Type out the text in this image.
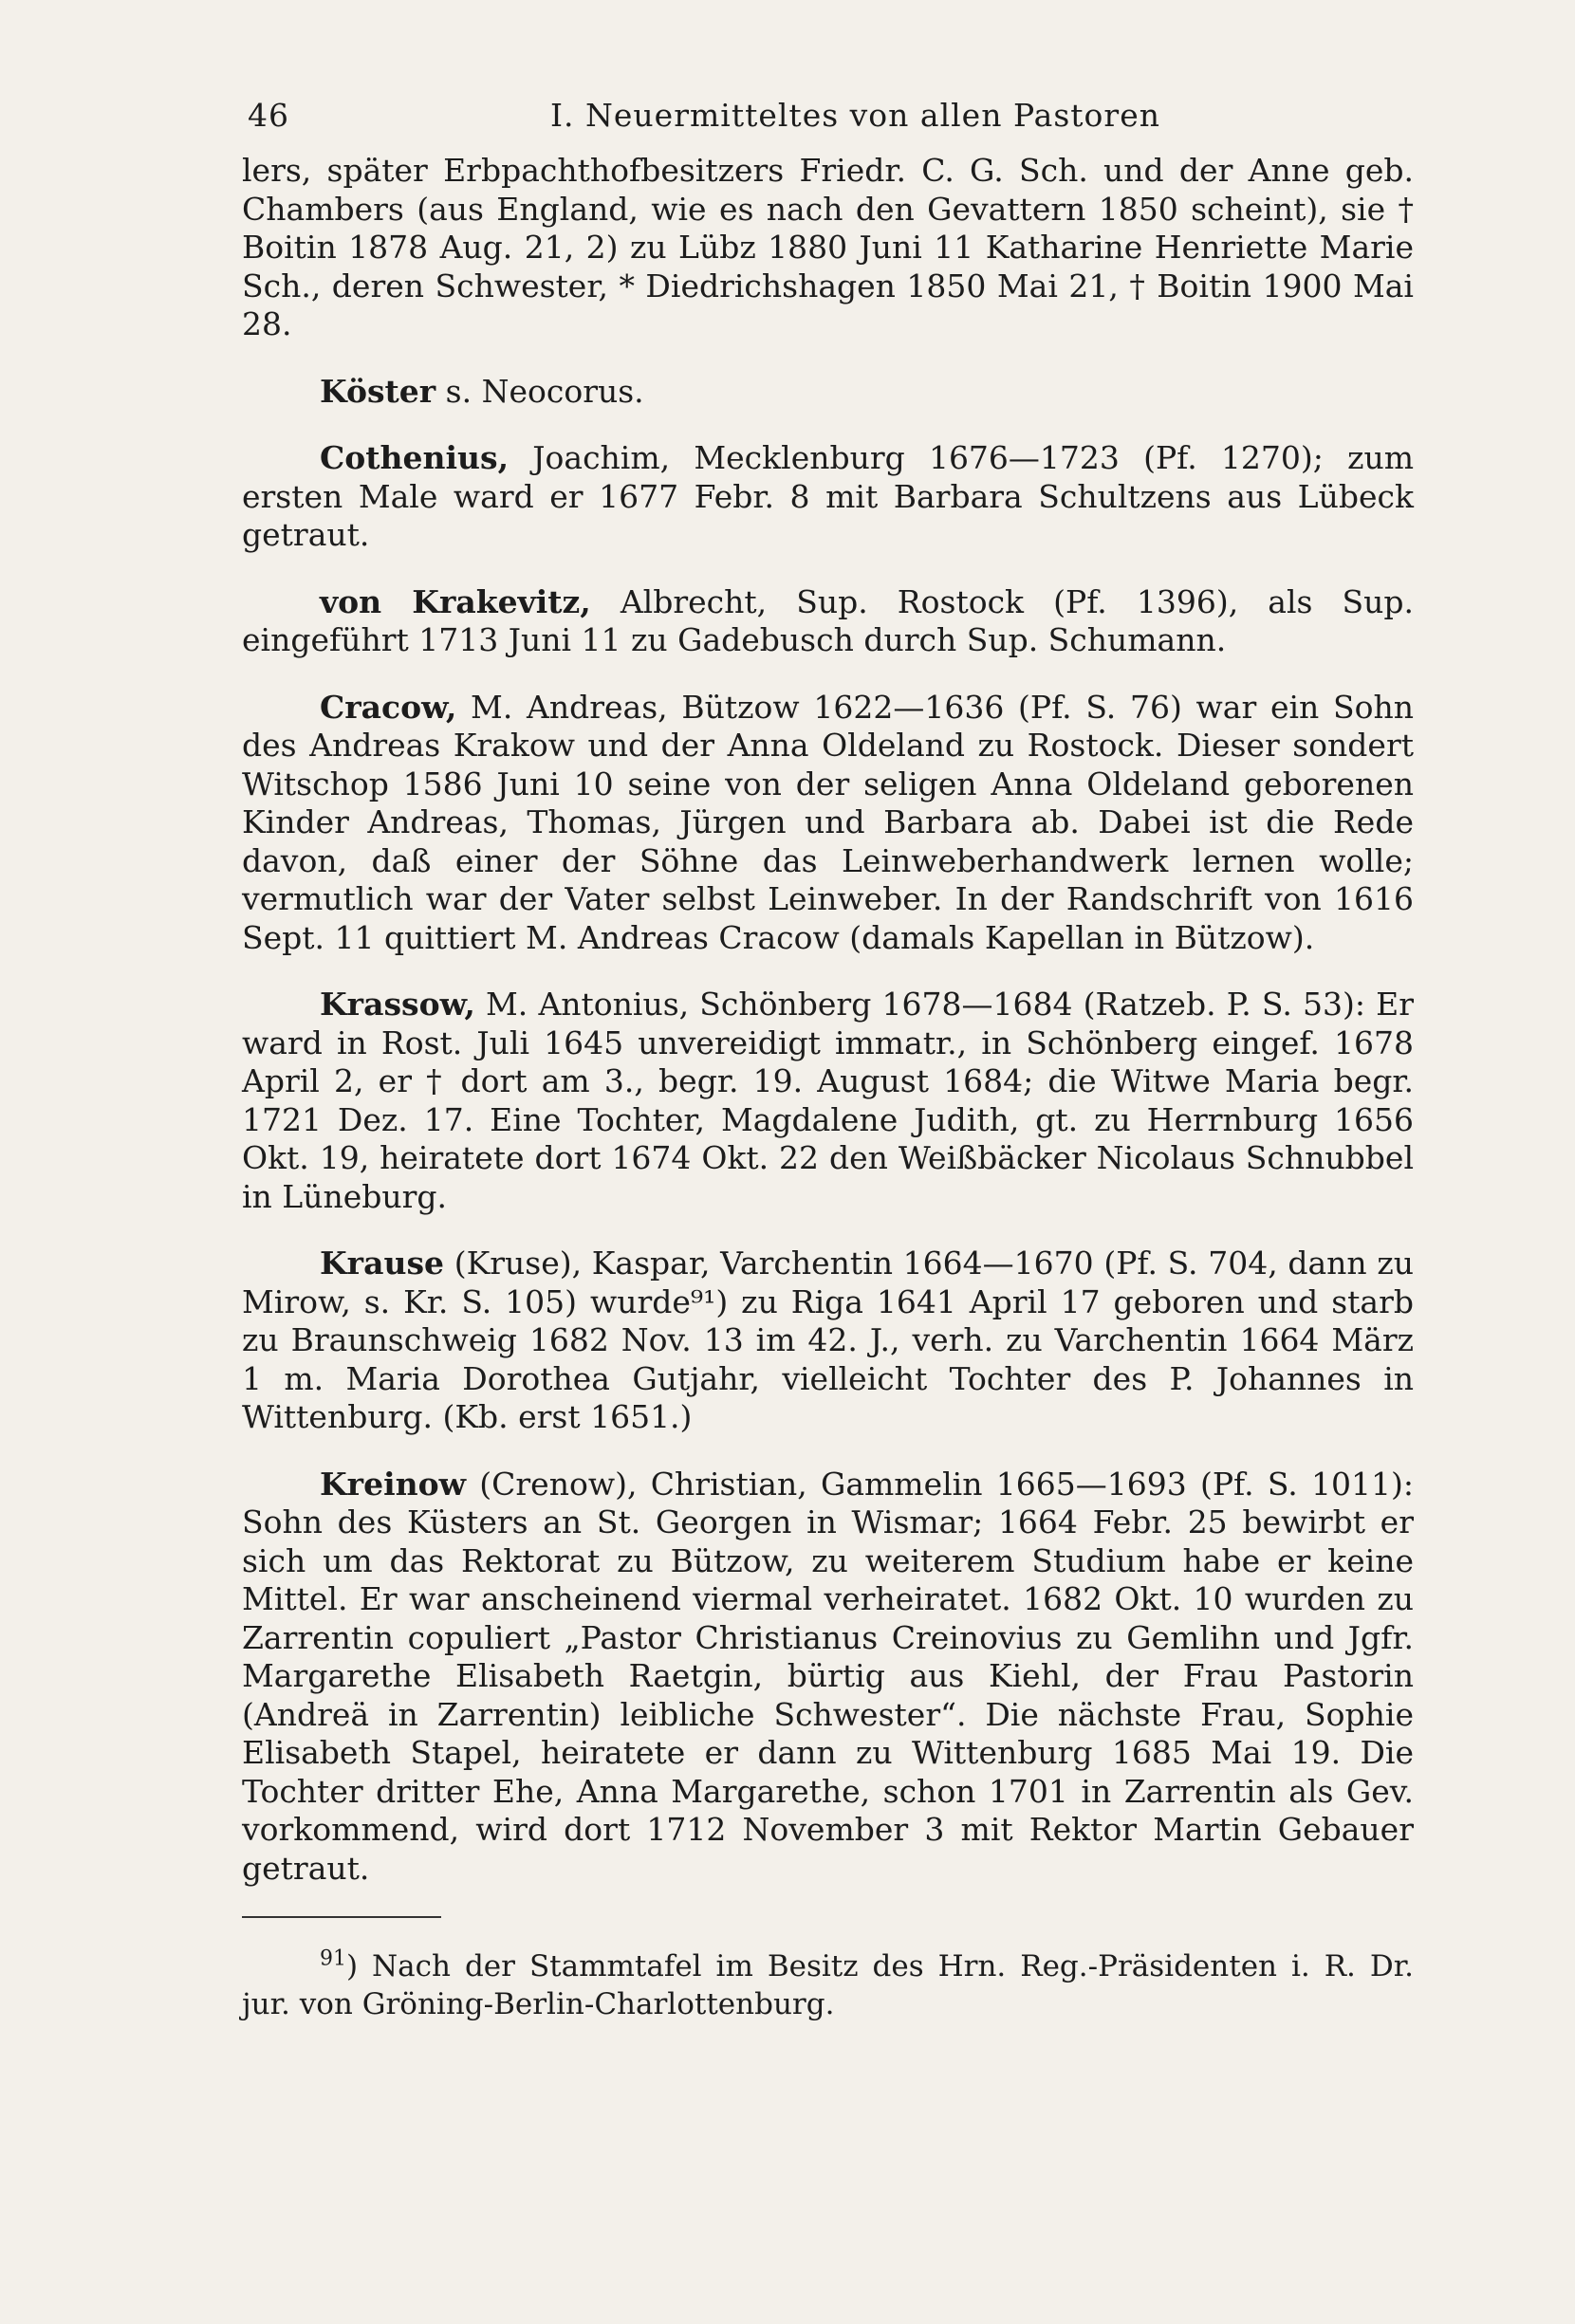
46	I. Neuermitteltes von allen Pastoren

lers, später Erbpachthofbesitzers Friedr. C. G. Sch. und der Anne geb. Chambers (aus England, wie es nach den Gevattern 1850 scheint), sie † Boitin 1878 Aug. 21, 2) zu Lübz 1880 Juni 11 Katharine Henriette Marie Sch., deren Schwester, * Diedrichshagen 1850 Mai 21, † Boitin 1900 Mai 28.

Köster s. Neocorus.

Cothenius, Joachim, Mecklenburg 1676—1723 (Pf. 1270); zum ersten Male ward er 1677 Febr. 8 mit Barbara Schultzens aus Lübeck getraut.

von Krakevitz, Albrecht, Sup. Rostock (Pf. 1396), als Sup. eingeführt 1713 Juni 11 zu Gadebusch durch Sup. Schumann.

Cracow, M. Andreas, Bützow 1622—1636 (Pf. S. 76) war ein Sohn des Andreas Krakow und der Anna Oldeland zu Rostock. Dieser sondert Witschop 1586 Juni 10 seine von der seligen Anna Oldeland geborenen Kinder Andreas, Thomas, Jürgen und Barbara ab. Dabei ist die Rede davon, daß einer der Söhne das Leinweberhandwerk lernen wolle; vermutlich war der Vater selbst Leinweber. In der Randschrift von 1616 Sept. 11 quittiert M. Andreas Cracow (damals Kapellan in Bützow).

Krassow, M. Antonius, Schönberg 1678—1684 (Ratzeb. P. S. 53): Er ward in Rost. Juli 1645 unvereidigt immatr., in Schönberg eingef. 1678 April 2, er † dort am 3., begr. 19. August 1684; die Witwe Maria begr. 1721 Dez. 17. Eine Tochter, Magdalene Judith, gt. zu Herrnburg 1656 Okt. 19, heiratete dort 1674 Okt. 22 den Weißbäcker Nicolaus Schnubbel in Lüneburg.

Krause (Kruse), Kaspar, Varchentin 1664—1670 (Pf. S. 704, dann zu Mirow, s. Kr. S. 105) wurde⁹¹) zu Riga 1641 April 17 geboren und starb zu Braunschweig 1682 Nov. 13 im 42. J., verh. zu Varchentin 1664 März 1 m. Maria Dorothea Gutjahr, vielleicht Tochter des P. Johannes in Wittenburg. (Kb. erst 1651.)

Kreinow (Crenow), Christian, Gammelin 1665—1693 (Pf. S. 1011): Sohn des Küsters an St. Georgen in Wismar; 1664 Febr. 25 bewirbt er sich um das Rektorat zu Bützow, zu weiterem Studium habe er keine Mittel. Er war anscheinend viermal verheiratet. 1682 Okt. 10 wurden zu Zarrentin copuliert „Pastor Christianus Creinovius zu Gemlihn und Jgfr. Margarethe Elisabeth Raetgin, bürtig aus Kiehl, der Frau Pastorin (Andreä in Zarrentin) leibliche Schwester“. Die nächste Frau, Sophie Elisabeth Stapel, heiratete er dann zu Wittenburg 1685 Mai 19. Die Tochter dritter Ehe, Anna Margarethe, schon 1701 in Zarrentin als Gev. vorkommend, wird dort 1712 November 3 mit Rektor Martin Gebauer getraut.

$^{91}$) Nach der Stammtafel im Besitz des Hrn. Reg.-Präsidenten i. R. Dr. jur. von Gröning-Berlin-Charlottenburg.
